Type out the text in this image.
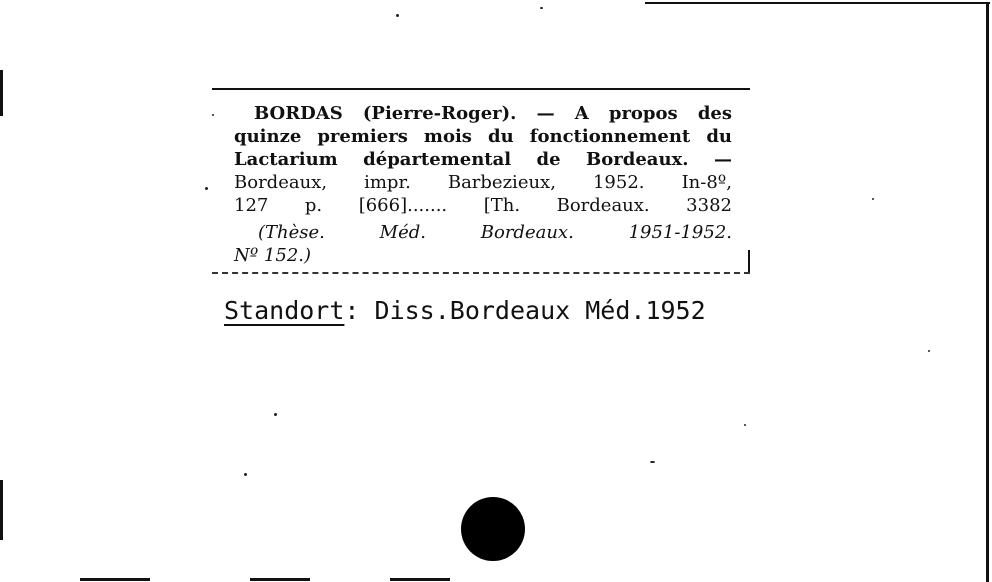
BORDAS (Pierre-Roger). — A propos des
quinze premiers mois du fonctionnement du
Lactarium départemental de Bordeaux. —
Bordeaux, impr. Barbezieux, 1952. In-8º,
127 p. [666]....... [Th. Bordeaux. 3382
(Thèse. Méd. Bordeaux. 1951-1952.
Nº 152.)
Standort: Diss.Bordeaux Méd.1952
